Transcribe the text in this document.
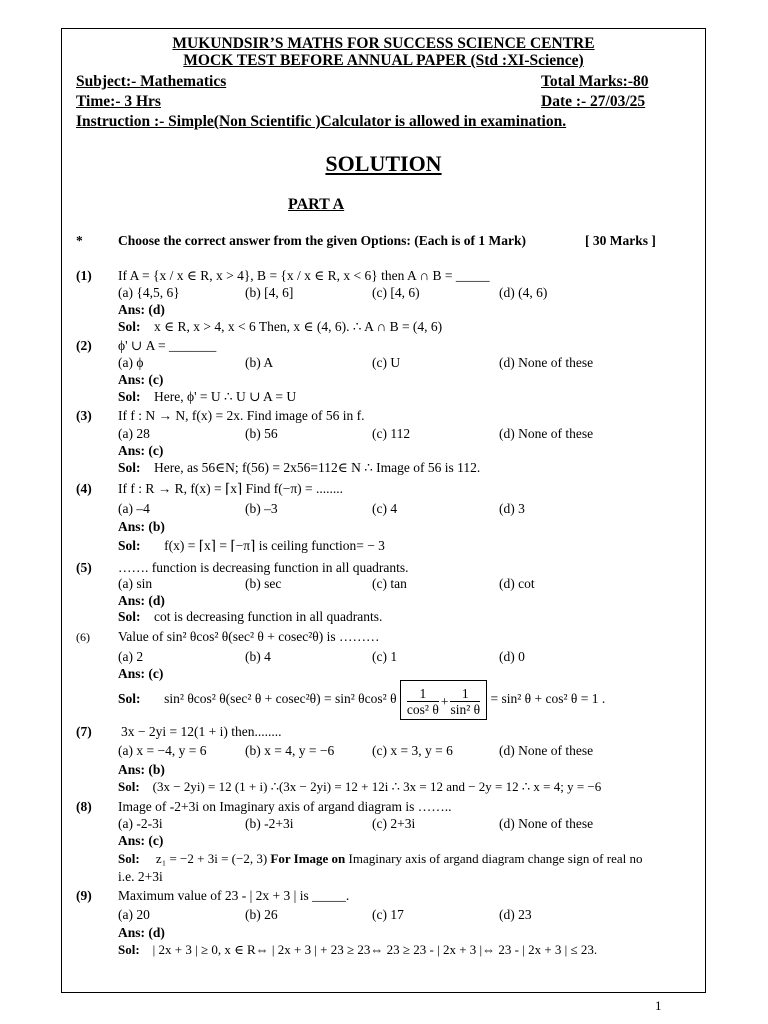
MUKUNDSIR’S MATHS FOR SUCCESS SCIENCE CENTRE
MOCK TEST BEFORE ANNUAL PAPER (Std :XI-Science)
Subject:- Mathematics	Total Marks:-80
Time:- 3 Hrs	Date :- 27/03/25
Instruction :- Simple(Non Scientific )Calculator is allowed in examination.
SOLUTION
PART A
*	Choose the correct answer from the given Options: (Each is of 1 Mark)	[ 30 Marks ]
(1) If A = {x / x ∈ R, x > 4}, B = {x / x ∈ R, x < 6} then A ∩ B = _____
(a) {4,5, 6}	(b) [4, 6]	(c) [4, 6)	(d) (4, 6)
Ans: (d)
Sol: x ∈ R, x > 4, x < 6 Then, x ∈ (4, 6). ∴ A ∩ B = (4, 6)
(2) ϕ' ∪ A = _______
(a) ϕ	(b) A	(c) U	(d) None of these
Ans: (c)
Sol: Here, ϕ' = U ∴ U ∪ A = U
(3) If f : N → N, f(x) = 2x. Find image of 56 in f.
(a) 28	(b) 56	(c) 112	(d) None of these
Ans: (c)
Sol: Here, as 56∈N; f(56) = 2x56=112∈ N ∴ Image of 56 is 112.
(4) If f : R → R, f(x) = ⌈x⌉ Find f(−π) = ........
(a) –4	(b) –3	(c) 4	(d) 3
Ans: (b)
Sol: f(x) = ⌈x⌉ = ⌈−π⌉ is ceiling function= − 3
(5) ……. function is decreasing function in all quadrants.
(a) sin	(b) sec	(c) tan	(d) cot
Ans: (d)
Sol: cot is decreasing function in all quadrants.
(6) Value of sin² θcos² θ(sec² θ + cosec²θ) is ………
(a) 2	(b) 4	(c) 1	(d) 0
Ans: (c)
Sol: sin² θcos² θ(sec² θ + cosec²θ) = sin² θcos² θ $\frac{1}{\text{cos² θ}} + \frac{1}{\text{sin² θ}} = \sin^2$ θ + cos² θ = 1 .
(7) 3x − 2yi = 12(1 + i) then........
(a) x = −4, y = 6	(b) x = 4, y = −6	(c) x = 3, y = 6	(d) None of these
Ans: (b)
Sol: (3x − 2yi) = 12 (1 + i) ∴(3x − 2yi) = 12 + 12i ∴ 3x = 12 and − 2y = 12 ∴ x = 4; y = −6
(8) Image of -2+3i on Imaginary axis of argand diagram is ……..
(a) -2-3i	(b) -2+3i	(c) 2+3i	(d) None of these
Ans: (c)
Sol: z₁ = −2 + 3i = (−2, 3) For Image on Imaginary axis of argand diagram change sign of real no
i.e. 2+3i
(9) Maximum value of 23 - | 2x + 3 | is _____.
(a) 20	(b) 26	(c) 17	(d) 23
Ans: (d)
Sol: | 2x + 3 | ≥ 0, x ∈ R⇔ | 2x + 3 | + 23 ≥ 23⇔ 23 ≥ 23 - | 2x + 3 |⇔ 23 - | 2x + 3 | ≤ 23.
1
